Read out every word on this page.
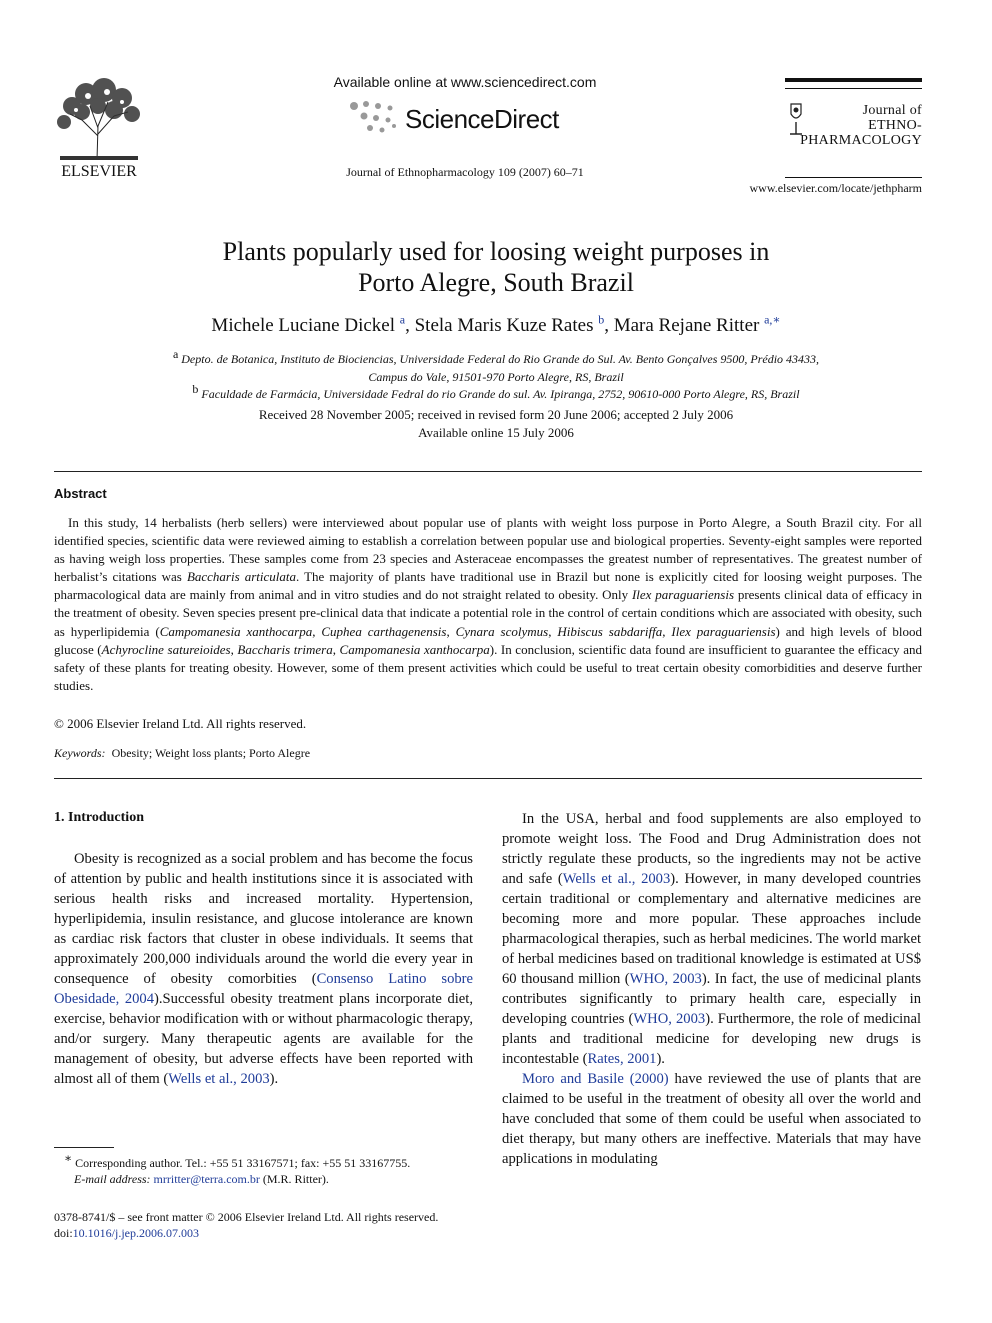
ELSEVIER
Available online at www.sciencedirect.com
ScienceDirect
Journal of Ethnopharmacology 109 (2007) 60–71
Journal of
ETHNO-
PHARMACOLOGY
www.elsevier.com/locate/jethpharm
Plants popularly used for loosing weight purposes in
Porto Alegre, South Brazil
Michele Luciane Dickel $^a$, Stela Maris Kuze Rates $^b$, Mara Rejane Ritter $^{a,∗}$
$^a$ Depto. de Botanica, Instituto de Biociencias, Universidade Federal do Rio Grande do Sul. Av. Bento Gonçalves 9500, Prédio 43433,
Campus do Vale, 91501-970 Porto Alegre, RS, Brazil
$^b$ Faculdade de Farmácia, Universidade Fedral do rio Grande do sul. Av. Ipiranga, 2752, 90610-000 Porto Alegre, RS, Brazil
Received 28 November 2005; received in revised form 20 June 2006; accepted 2 July 2006
Available online 15 July 2006
Abstract

In this study, 14 herbalists (herb sellers) were interviewed about popular use of plants with weight loss purpose in Porto Alegre, a South Brazil city. For all identified species, scientific data were reviewed aiming to establish a correlation between popular use and biological properties. Seventy-eight samples were reported as having weigh loss properties. These samples come from 23 species and Asteraceae encompasses the greatest number of representatives. The greatest number of herbalist’s citations was Baccharis articulata. The majority of plants have traditional use in Brazil but none is explicitly cited for loosing weight purposes. The pharmacological data are mainly from animal and in vitro studies and do not straight related to obesity. Only Ilex paraguariensis presents clinical data of efficacy in the treatment of obesity. Seven species present pre-clinical data that indicate a potential role in the control of certain conditions which are associated with obesity, such as hyperlipidemia (Campomanesia xanthocarpa, Cuphea carthagenensis, Cynara scolymus, Hibiscus sabdariffa, Ilex paraguariensis) and high levels of blood glucose (Achyrocline satureioides, Baccharis trimera, Campomanesia xanthocarpa). In conclusion, scientific data found are insufficient to guarantee the efficacy and safety of these plants for treating obesity. However, some of them present activities which could be useful to treat certain obesity comorbidities and deserve further studies.

© 2006 Elsevier Ireland Ltd. All rights reserved.
Keywords: Obesity; Weight loss plants; Porto Alegre
1. Introduction

Obesity is recognized as a social problem and has become the focus of attention by public and health institutions since it is associated with serious health risks and increased mortality. Hypertension, hyperlipidemia, insulin resistance, and glucose intolerance are known as cardiac risk factors that cluster in obese individuals. It seems that approximately 200,000 individuals around the world die every year in consequence of obesity comorbities (Consenso Latino sobre Obesidade, 2004).Successful obesity treatment plans incorporate diet, exercise, behavior modification with or without pharmacologic therapy, and/or surgery. Many therapeutic agents are available for the management of obesity, but adverse effects have been reported with almost all of them (Wells et al., 2003).

In the USA, herbal and food supplements are also employed to promote weight loss. The Food and Drug Administration does not strictly regulate these products, so the ingredients may not be active and safe (Wells et al., 2003). However, in many developed countries certain traditional or complementary and alternative medicines are becoming more and more popular. These approaches include pharmacological therapies, such as herbal medicines. The world market of herbal medicines based on traditional knowledge is estimated at US$ 60 thousand million (WHO, 2003). In fact, the use of medicinal plants contributes significantly to primary health care, especially in developing countries (WHO, 2003). Furthermore, the role of medicinal plants and traditional medicine for developing new drugs is incontestable (Rates, 2001).

Moro and Basile (2000) have reviewed the use of plants that are claimed to be useful in the treatment of obesity all over the world and have concluded that some of them could be useful when associated to diet therapy, but many others are ineffective. Materials that may have applications in modulating

∗ Corresponding author. Tel.: +55 51 33167571; fax: +55 51 33167755.
E-mail address: mrritter@terra.com.br (M.R. Ritter).
0378-8741/$ – see front matter © 2006 Elsevier Ireland Ltd. All rights reserved.
doi:10.1016/j.jep.2006.07.003
